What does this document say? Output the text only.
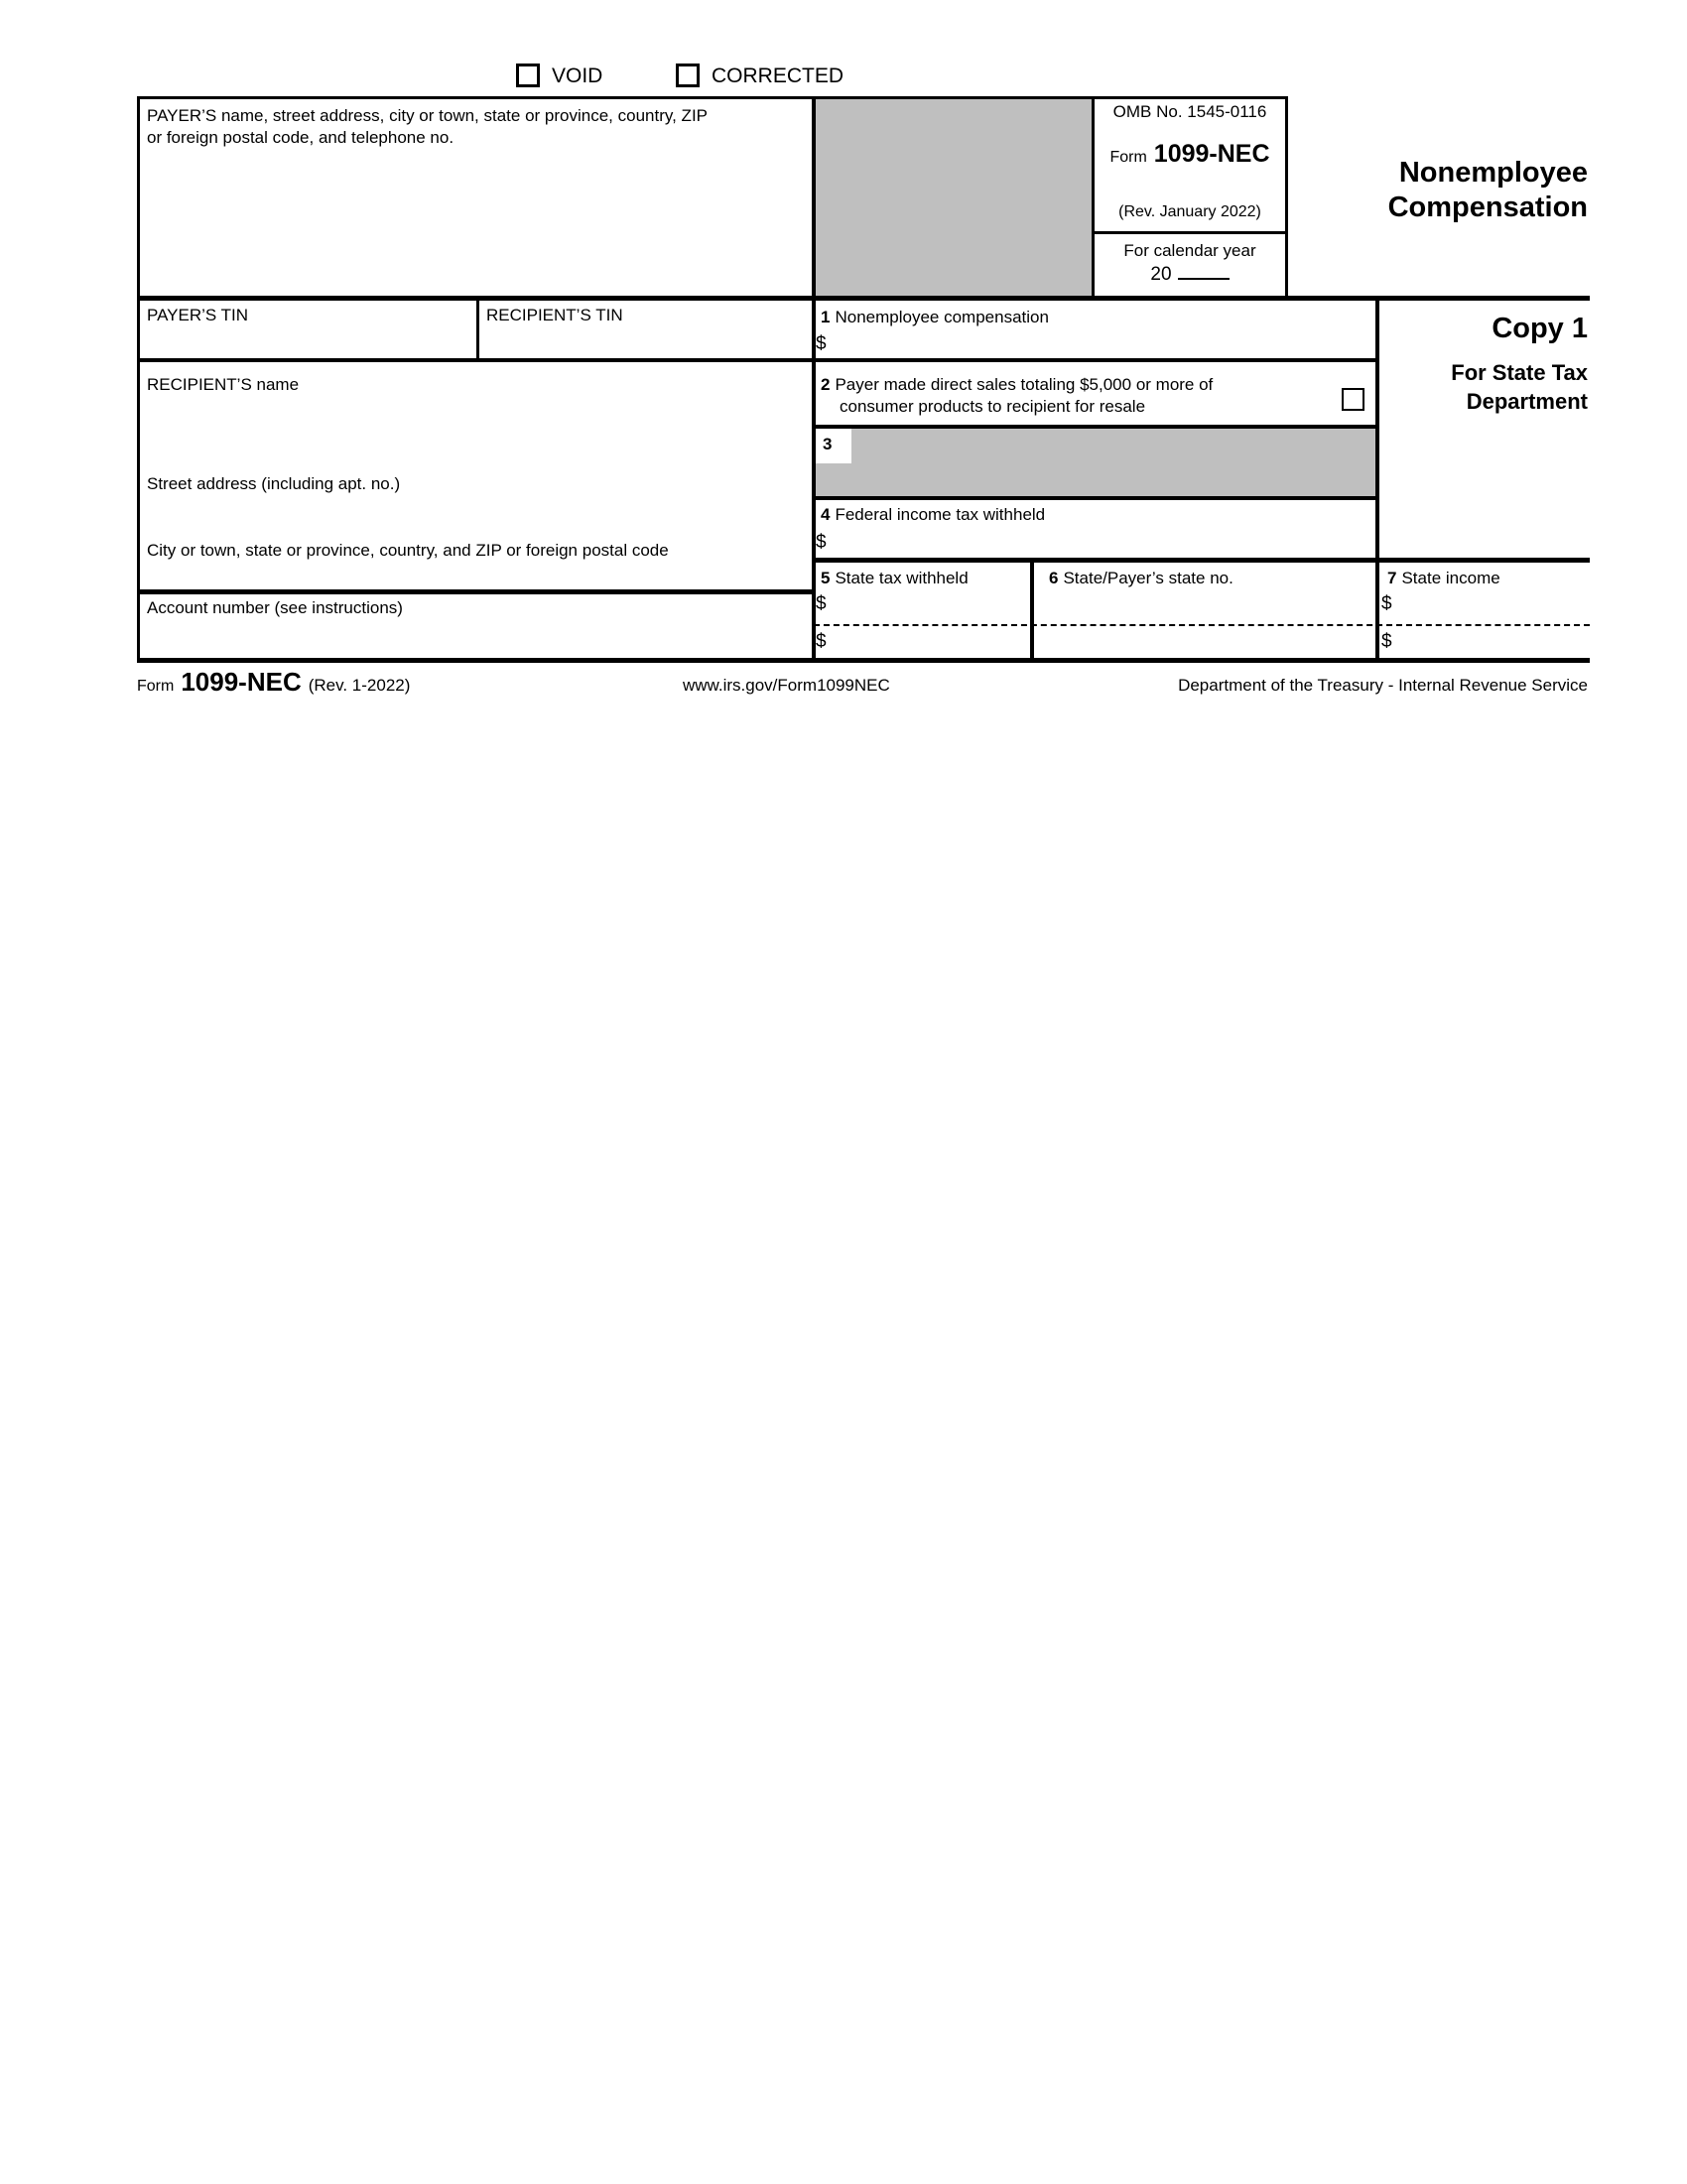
VOID	CORRECTED
PAYER’S name, street address, city or town, state or province, country, ZIP
or foreign postal code, and telephone no.
OMB No. 1545-0116
Form 1099-NEC
(Rev. January 2022)
For calendar year
20
Nonemployee
Compensation
PAYER’S TIN	RECIPIENT’S TIN
RECIPIENT’S name
Street address (including apt. no.)
City or town, state or province, country, and ZIP or foreign postal code
Account number (see instructions)
1 Nonemployee compensation
$
2 Payer made direct sales totaling $5,000 or more of
consumer products to recipient for resale
3
4 Federal income tax withheld
$
5 State tax withheld
$
$
6 State/Payer’s state no.	7 State income
$
$
Copy 1
For State Tax
Department
Form 1099-NEC (Rev. 1-2022)	www.irs.gov/Form1099NEC	Department of the Treasury - Internal Revenue Service
